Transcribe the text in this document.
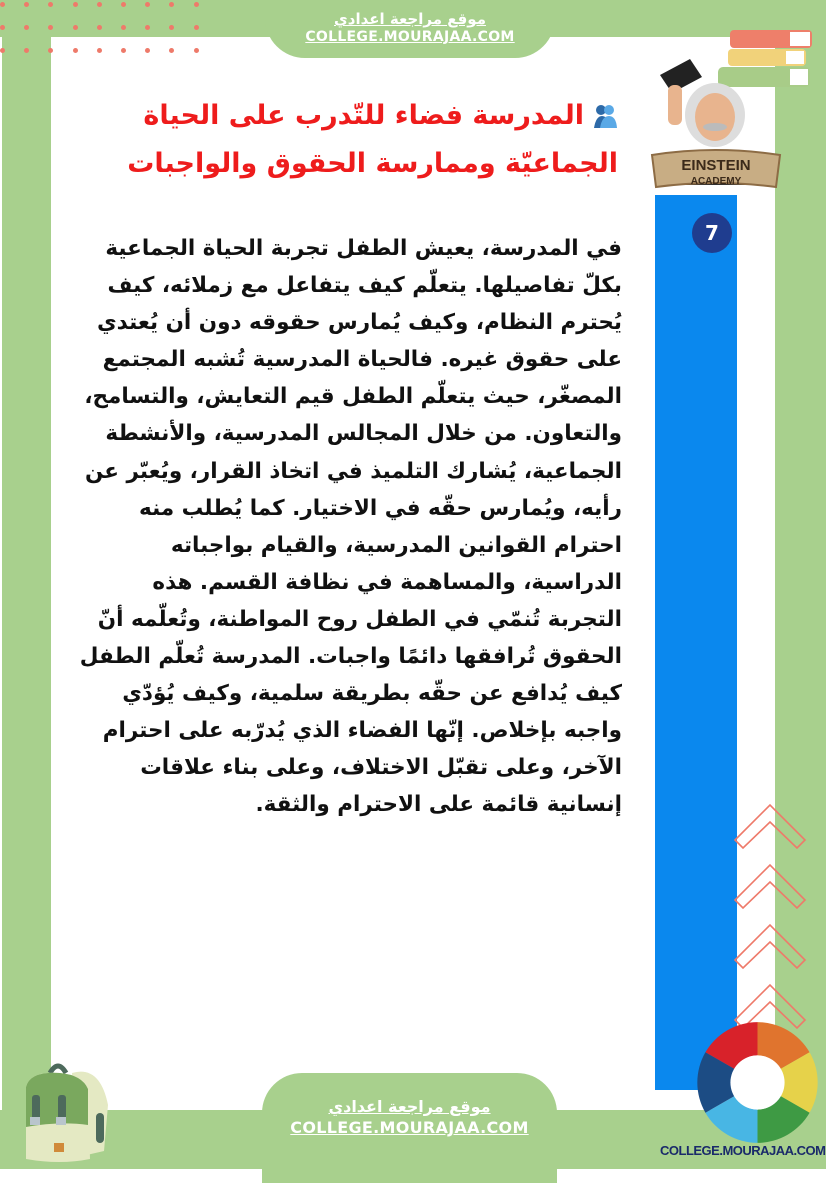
موقع مراجعة اعدادي
COLLEGE.MOURAJAA.COM
EINSTEIN
ACADEMY
7
المدرسة فضاء للتّدرب على الحياة
الجماعيّة وممارسة الحقوق والواجبات

في المدرسة، يعيش الطفل تجربة الحياة الجماعية بكلّ تفاصيلها. يتعلّم كيف يتفاعل مع زملائه، كيف يُحترم النظام، وكيف يُمارس حقوقه دون أن يُعتدي على حقوق غيره. فالحياة المدرسية تُشبه المجتمع المصغّر، حيث يتعلّم الطفل قيم التعايش، والتسامح، والتعاون. من خلال المجالس المدرسية، والأنشطة الجماعية، يُشارك التلميذ في اتخاذ القرار، ويُعبّر عن رأيه، ويُمارس حقّه في الاختيار. كما يُطلب منه احترام القوانين المدرسية، والقيام بواجباته الدراسية، والمساهمة في نظافة القسم. هذه التجربة تُنمّي في الطفل روح المواطنة، وتُعلّمه أنّ الحقوق تُرافقها دائمًا واجبات. المدرسة تُعلّم الطفل كيف يُدافع عن حقّه بطريقة سلمية، وكيف يُؤدّي واجبه بإخلاص. إنّها الفضاء الذي يُدرّبه على احترام الآخر، وعلى تقبّل الاختلاف، وعلى بناء علاقات إنسانية قائمة على الاحترام والثقة.

COLLEGE.MOURAJAA.COM
موقع مراجعة اعدادي
COLLEGE.MOURAJAA.COM
